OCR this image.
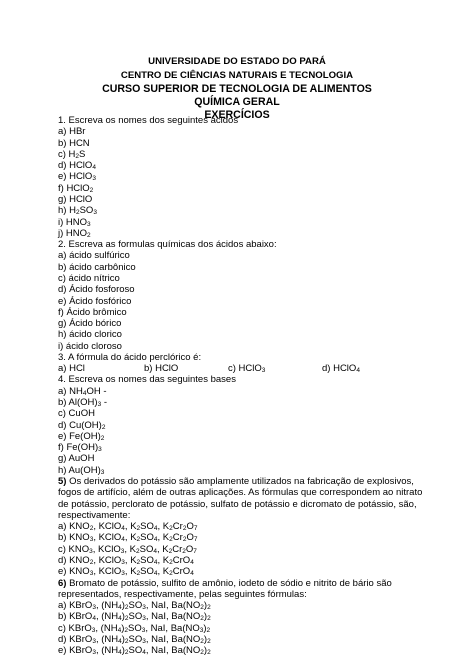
UNIVERSIDADE DO ESTADO DO PARÁ
CENTRO DE CIÊNCIAS NATURAIS E TECNOLOGIA
CURSO SUPERIOR DE TECNOLOGIA DE ALIMENTOS
QUÍMICA GERAL
EXERCÍCIOS
1. Escreva os nomes dos seguintes ácidos
a) HBr
b) HCN
c) $H_2S$
d) HClO$_4$
e) HClO$_3$
f) HClO$_2$
g) HClO
h) $H_2SO_3$
i) $HNO_3$
j) $HNO_2$
2. Escreva as formulas químicas dos ácidos abaixo:
a) ácido sulfúrico
b) ácido carbônico
c) ácido nítrico
d) Ácido fosforoso
e) Ácido fosfórico
f) Ácido brômico
g) Ácido bórico
h) ácido clorico
i) ácido cloroso
3. A fórmula do ácido perclórico é:
a) HCl	b) HClO	c) HClO$_3$	d) HClO$_4$
4. Escreva os nomes das seguintes bases
a) $NH_4OH$ -
b) $Al(OH)_3$ -
c) CuOH
d) $Cu(OH)_2$
e) $Fe(OH)_2$
f) $Fe(OH)_3$
g) AuOH
h) $Au(OH)_3$
5) Os derivados do potássio são amplamente utilizados na fabricação de explosivos,
fogos de artifício, além de outras aplicações. As fórmulas que correspondem ao nitrato
de potássio, perclorato de potássio, sulfato de potássio e dicromato de potássio, são,
respectivamente:
a) $KNO_2$, KClO$_4$, $K_2SO_4$, $K_2Cr_2O_7$
b) $KNO_3$, KClO$_4$, $K_2SO_4$, $K_2Cr_2O_7$
c) $KNO_3$, KClO$_3$, $K_2SO_4$, $K_2Cr_2O_7$
d) $KNO_2$, KClO$_3$, $K_2SO_4$, $K_2CrO_4$
e) $KNO_3$, KClO$_3$, $K_2SO_4$, $K_2CrO_4$
6) Bromato de potássio, sulfito de amônio, iodeto de sódio e nitrito de bário são
representados, respectivamente, pelas seguintes fórmulas:
a) KBrO$_3$, $(NH_4)_2SO_3$, NaI, $Ba(NO_2)_2$
b) KBrO$_4$, $(NH_4)_2SO_3$, NaI, $Ba(NO_2)_2$
c) KBrO$_3$, $(NH_4)_2SO_3$, NaI, $Ba(NO_3)_2$
d) KBrO$_3$, $(NH_4)_2SO_3$, NaI, $Ba(NO_2)_2$
e) KBrO$_3$, $(NH_4)_2SO_4$, NaI, $Ba(NO_2)_2$
